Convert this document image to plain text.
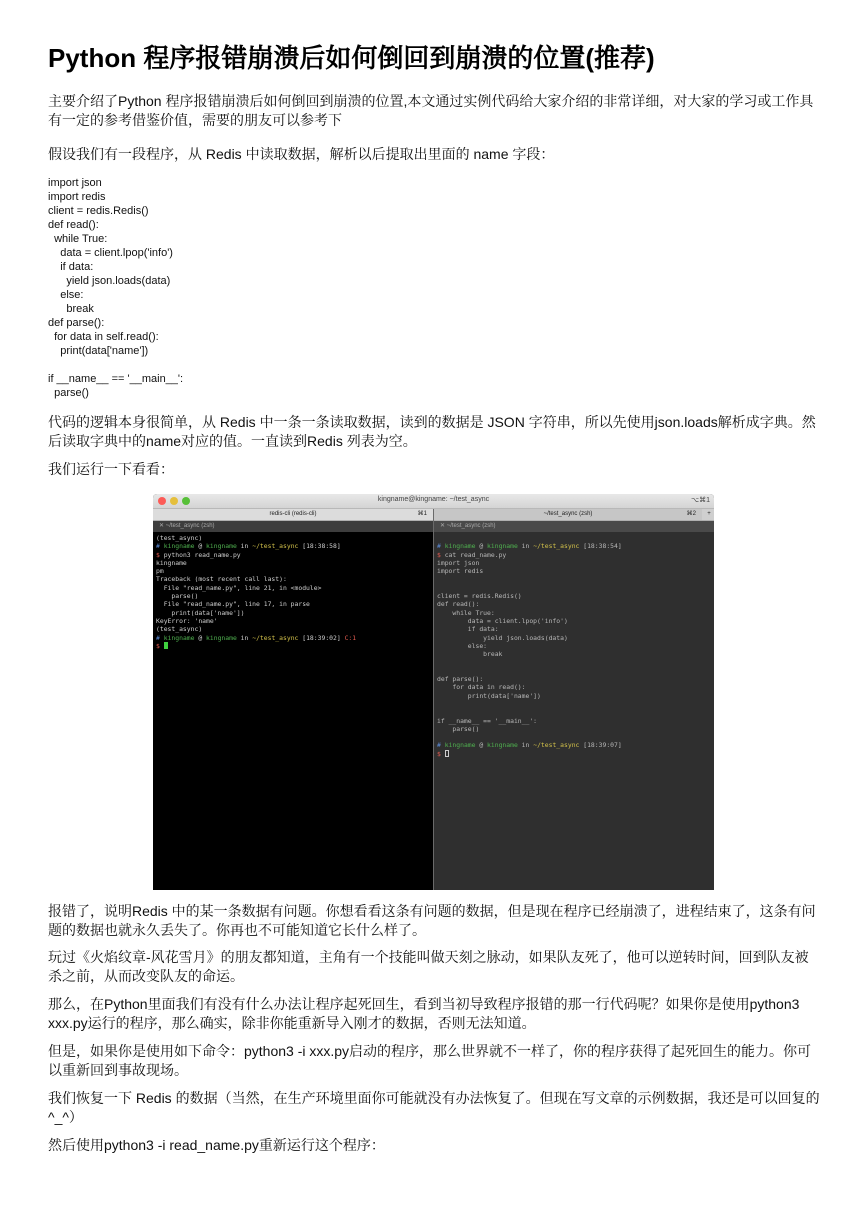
Python 程序报错崩溃后如何倒回到崩溃的位置(推荐)

主要介绍了Python 程序报错崩溃后如何倒回到崩溃的位置,本文通过实例代码给大家介绍的非常详细，对大家的学习或工作具有一定的参考借鉴价值，需要的朋友可以参考下

假设我们有一段程序，从 Redis 中读取数据，解析以后提取出里面的 name 字段：

import json
import redis
client = redis.Redis()
def read():
while True:
data = client.lpop('info')
if data:
yield json.loads(data)
else:
break
def parse():
for data in self.read():
print(data['name'])

if __name__ == '__main__':
parse()

代码的逻辑本身很简单，从 Redis 中一条一条读取数据，读到的数据是 JSON 字符串，所以先使用json.loads解析成字典。然后读取字典中的name对应的值。一直读到Redis 列表为空。

我们运行一下看看：

kingname@kingname: ~/test_async	⌥⌘1
redis-cli (redis-cli)	⌘1	~/test_async (zsh)	⌘2	+
✕ ~/test_async (zsh)	✕ ~/test_async (zsh)
(test_async)
# kingname @ kingname in ~/test_async [18:38:58]
$ python3 read_name.py
kingname
pm
Traceback (most recent call last):
File "read_name.py", line 21, in <module>
parse()
File "read_name.py", line 17, in parse
print(data['name'])
KeyError: 'name'
(test_async)
# kingname @ kingname in ~/test_async [18:39:02] C:1
$
# kingname @ kingname in ~/test_async [18:38:54]
$ cat read_name.py
import json
import redis
client = redis.Redis()
def read():
while True:
data = client.lpop('info')
if data:
yield json.loads(data)
else:
break
def parse():
for data in read():
print(data['name'])
if __name__ == '__main__':
parse()
# kingname @ kingname in ~/test_async [18:39:07]
$

报错了，说明Redis 中的某一条数据有问题。你想看看这条有问题的数据，但是现在程序已经崩溃了，进程结束了，这条有问题的数据也就永久丢失了。你再也不可能知道它长什么样了。

玩过《火焰纹章-风花雪月》的朋友都知道，主角有一个技能叫做天刻之脉动，如果队友死了，他可以逆转时间，回到队友被杀之前，从而改变队友的命运。

那么，在Python里面我们有没有什么办法让程序起死回生，看到当初导致程序报错的那一行代码呢？如果你是使用python3 xxx.py运行的程序，那么确实，除非你能重新导入刚才的数据，否则无法知道。

但是，如果你是使用如下命令：python3 -i xxx.py启动的程序，那么世界就不一样了，你的程序获得了起死回生的能力。你可以重新回到事故现场。

我们恢复一下 Redis 的数据（当然，在生产环境里面你可能就没有办法恢复了。但现在写文章的示例数据，我还是可以回复的^_^）

然后使用python3 -i read_name.py重新运行这个程序：
